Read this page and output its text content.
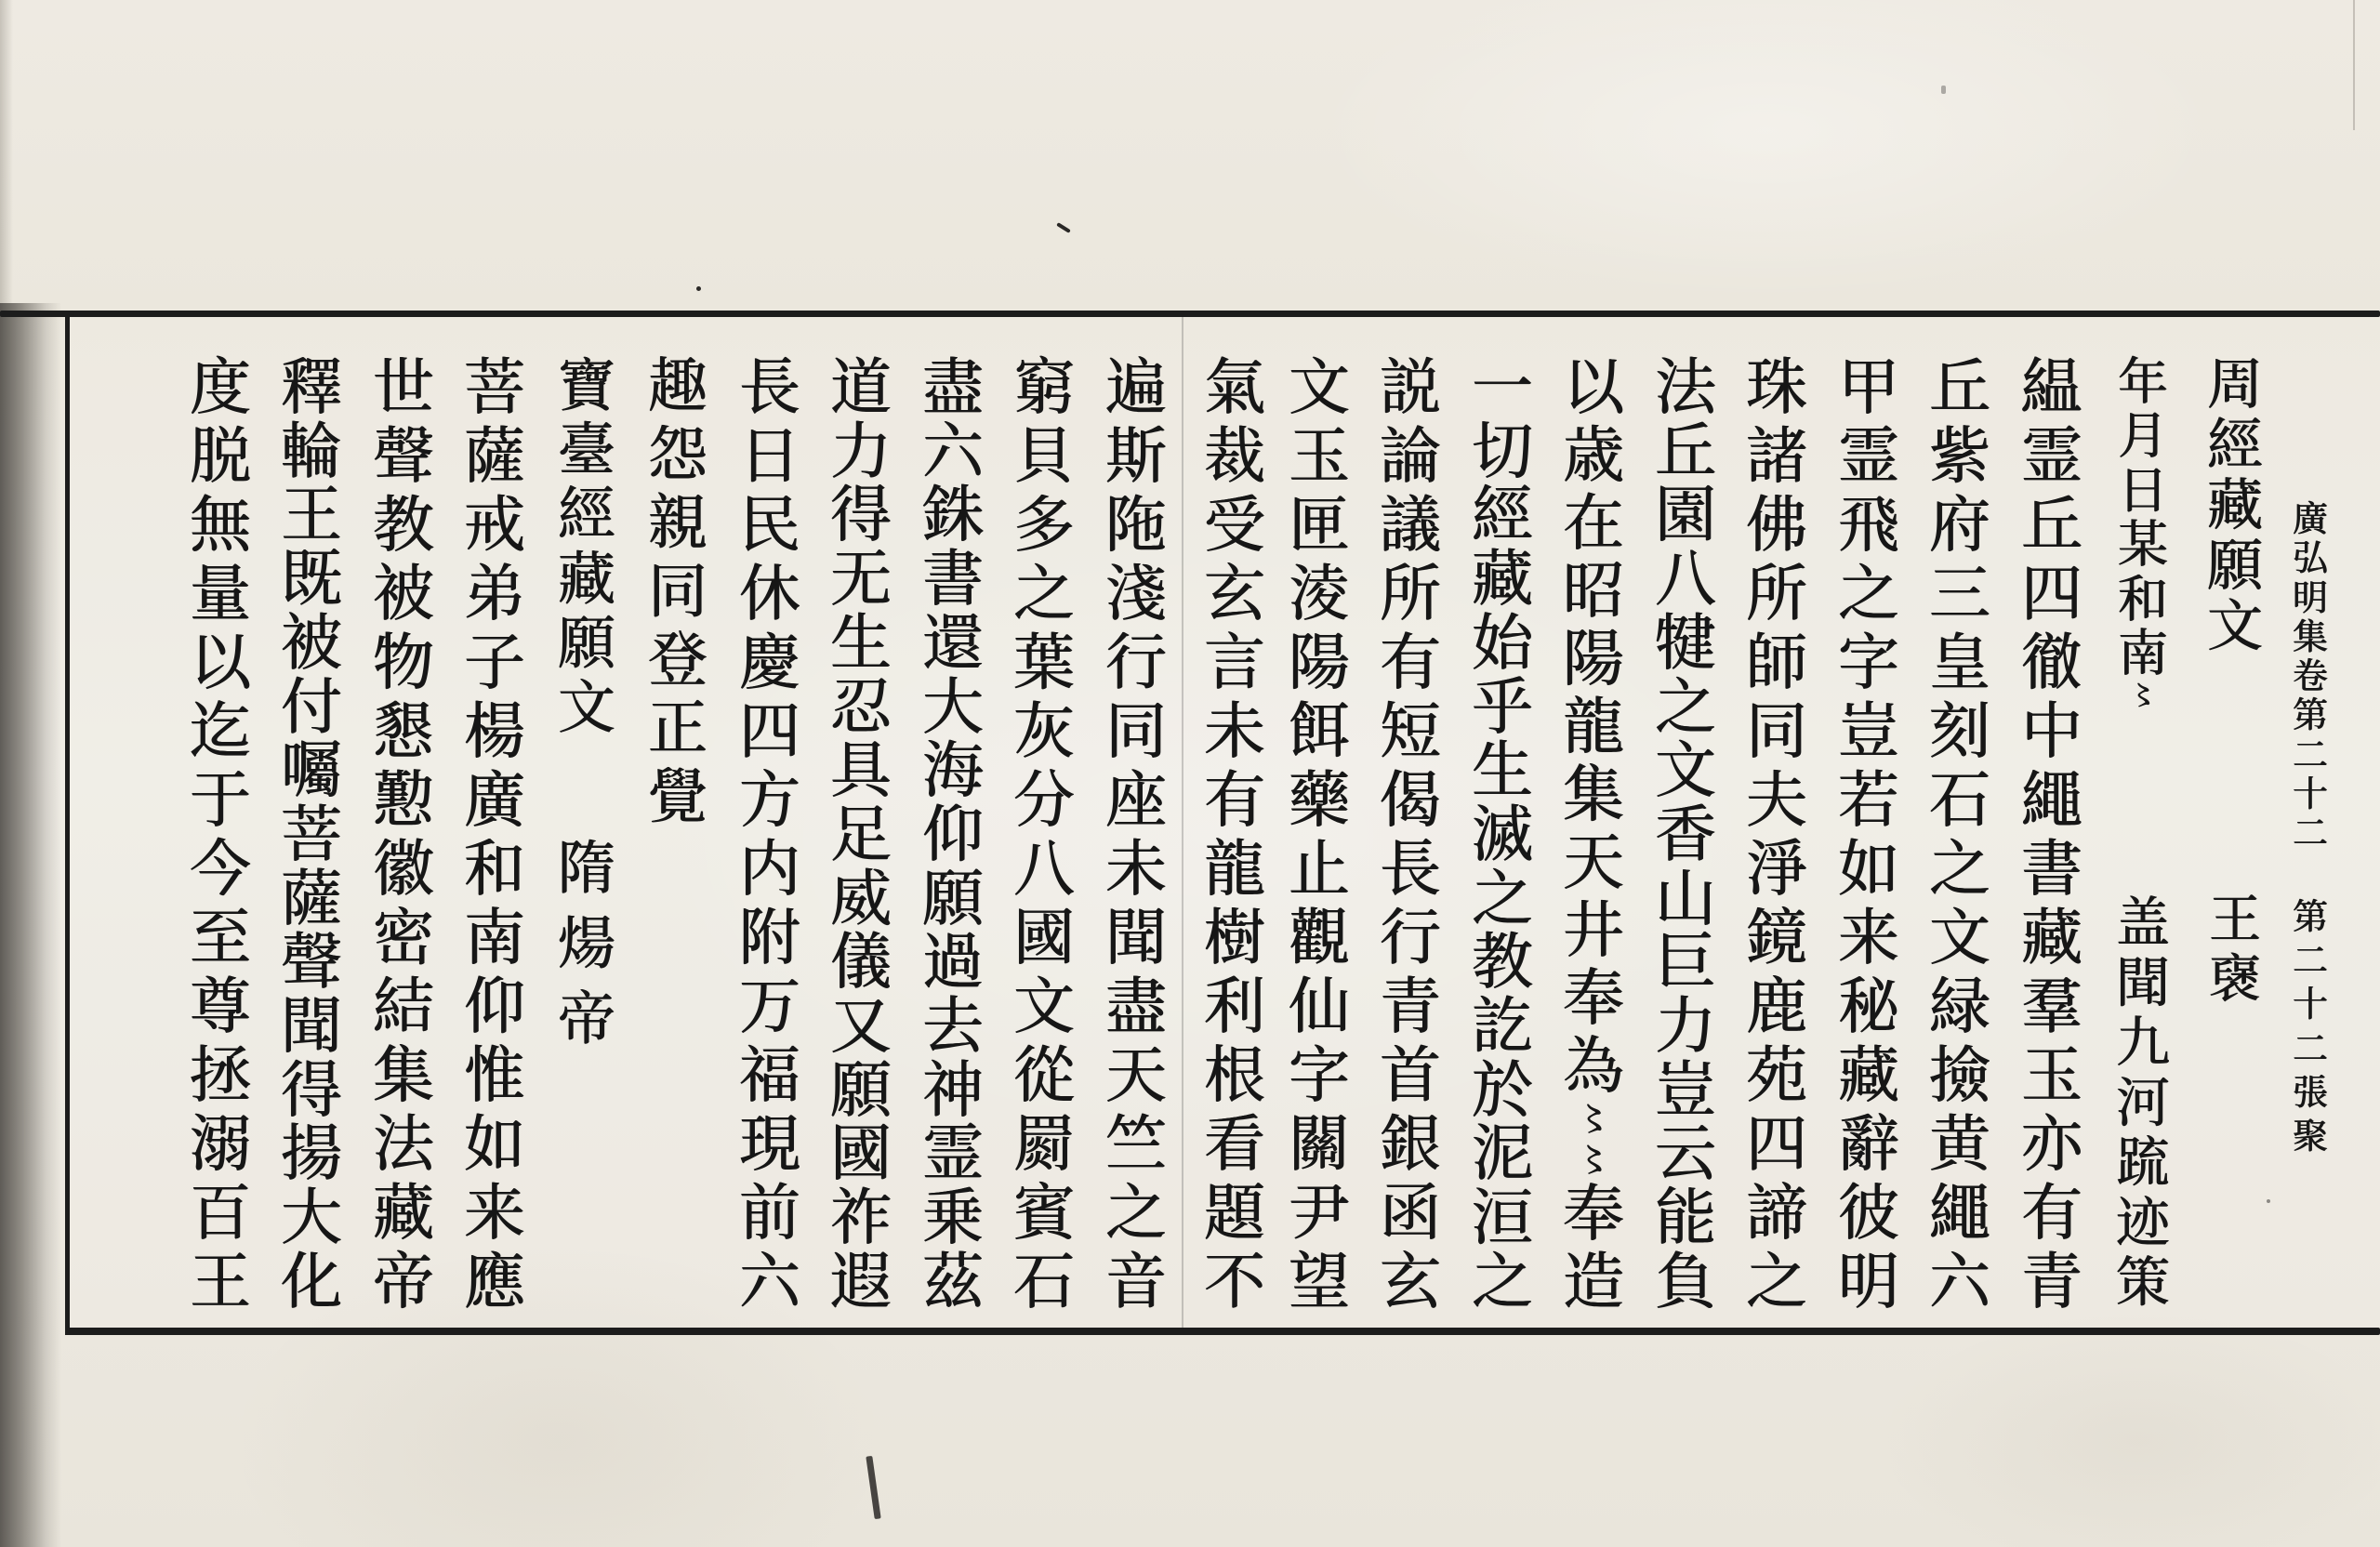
廣
弘
明
集
卷
第
二
十
二
第
二
十
二
張
聚
周
經
藏
願
文
王
襃
年
月
日
某
和
南
〻
盖
聞
九
河
䟽
迹
策
緼
霊
丘
四
徹
中
繩
書
藏
羣
玉
亦
有
青
丘
紫
府
三
皇
刻
石
之
文
緑
撿
黄
繩
六
甲
霊
飛
之
字
豈
若
如
来
秘
藏
辭
彼
明
珠
諸
佛
所
師
同
夫
淨
鏡
鹿
苑
四
諦
之
法
丘
園
八
犍
之
文
香
山
巨
力
豈
云
能
負
以
歳
在
昭
陽
龍
集
天
井
奉
為
〻
〻
奉
造
一
切
經
藏
始
乎
生
滅
之
教
訖
於
泥
洹
之
説
論
議
所
有
短
偈
長
行
青
首
銀
函
玄
文
玉
匣
淩
陽
餌
藥
止
觀
仙
字
關
尹
望
氣
裁
受
玄
言
未
有
龍
樹
利
根
看
題
不
遍
斯
陁
淺
行
同
座
未
聞
盡
天
竺
之
音
窮
貝
多
之
葉
灰
分
八
國
文
從
罽
賓
石
盡
六
銖
書
還
大
海
仰
願
過
去
神
霊
乗
茲
道
力
得
无
生
忍
具
足
威
儀
又
願
國
祚
遐
長
日
民
休
慶
四
方
内
附
万
福
現
前
六
趣
怨
親
同
登
正
覺
寶
臺
經
藏
願
文
隋
煬
帝
菩
薩
戒
弟
子
楊
廣
和
南
仰
惟
如
来
應
世
聲
教
被
物
懇
懃
徽
密
結
集
法
藏
帝
釋
輪
王
既
被
付
囑
菩
薩
聲
聞
得
揚
大
化
度
脱
無
量
以
迄
于
今
至
尊
拯
溺
百
王
